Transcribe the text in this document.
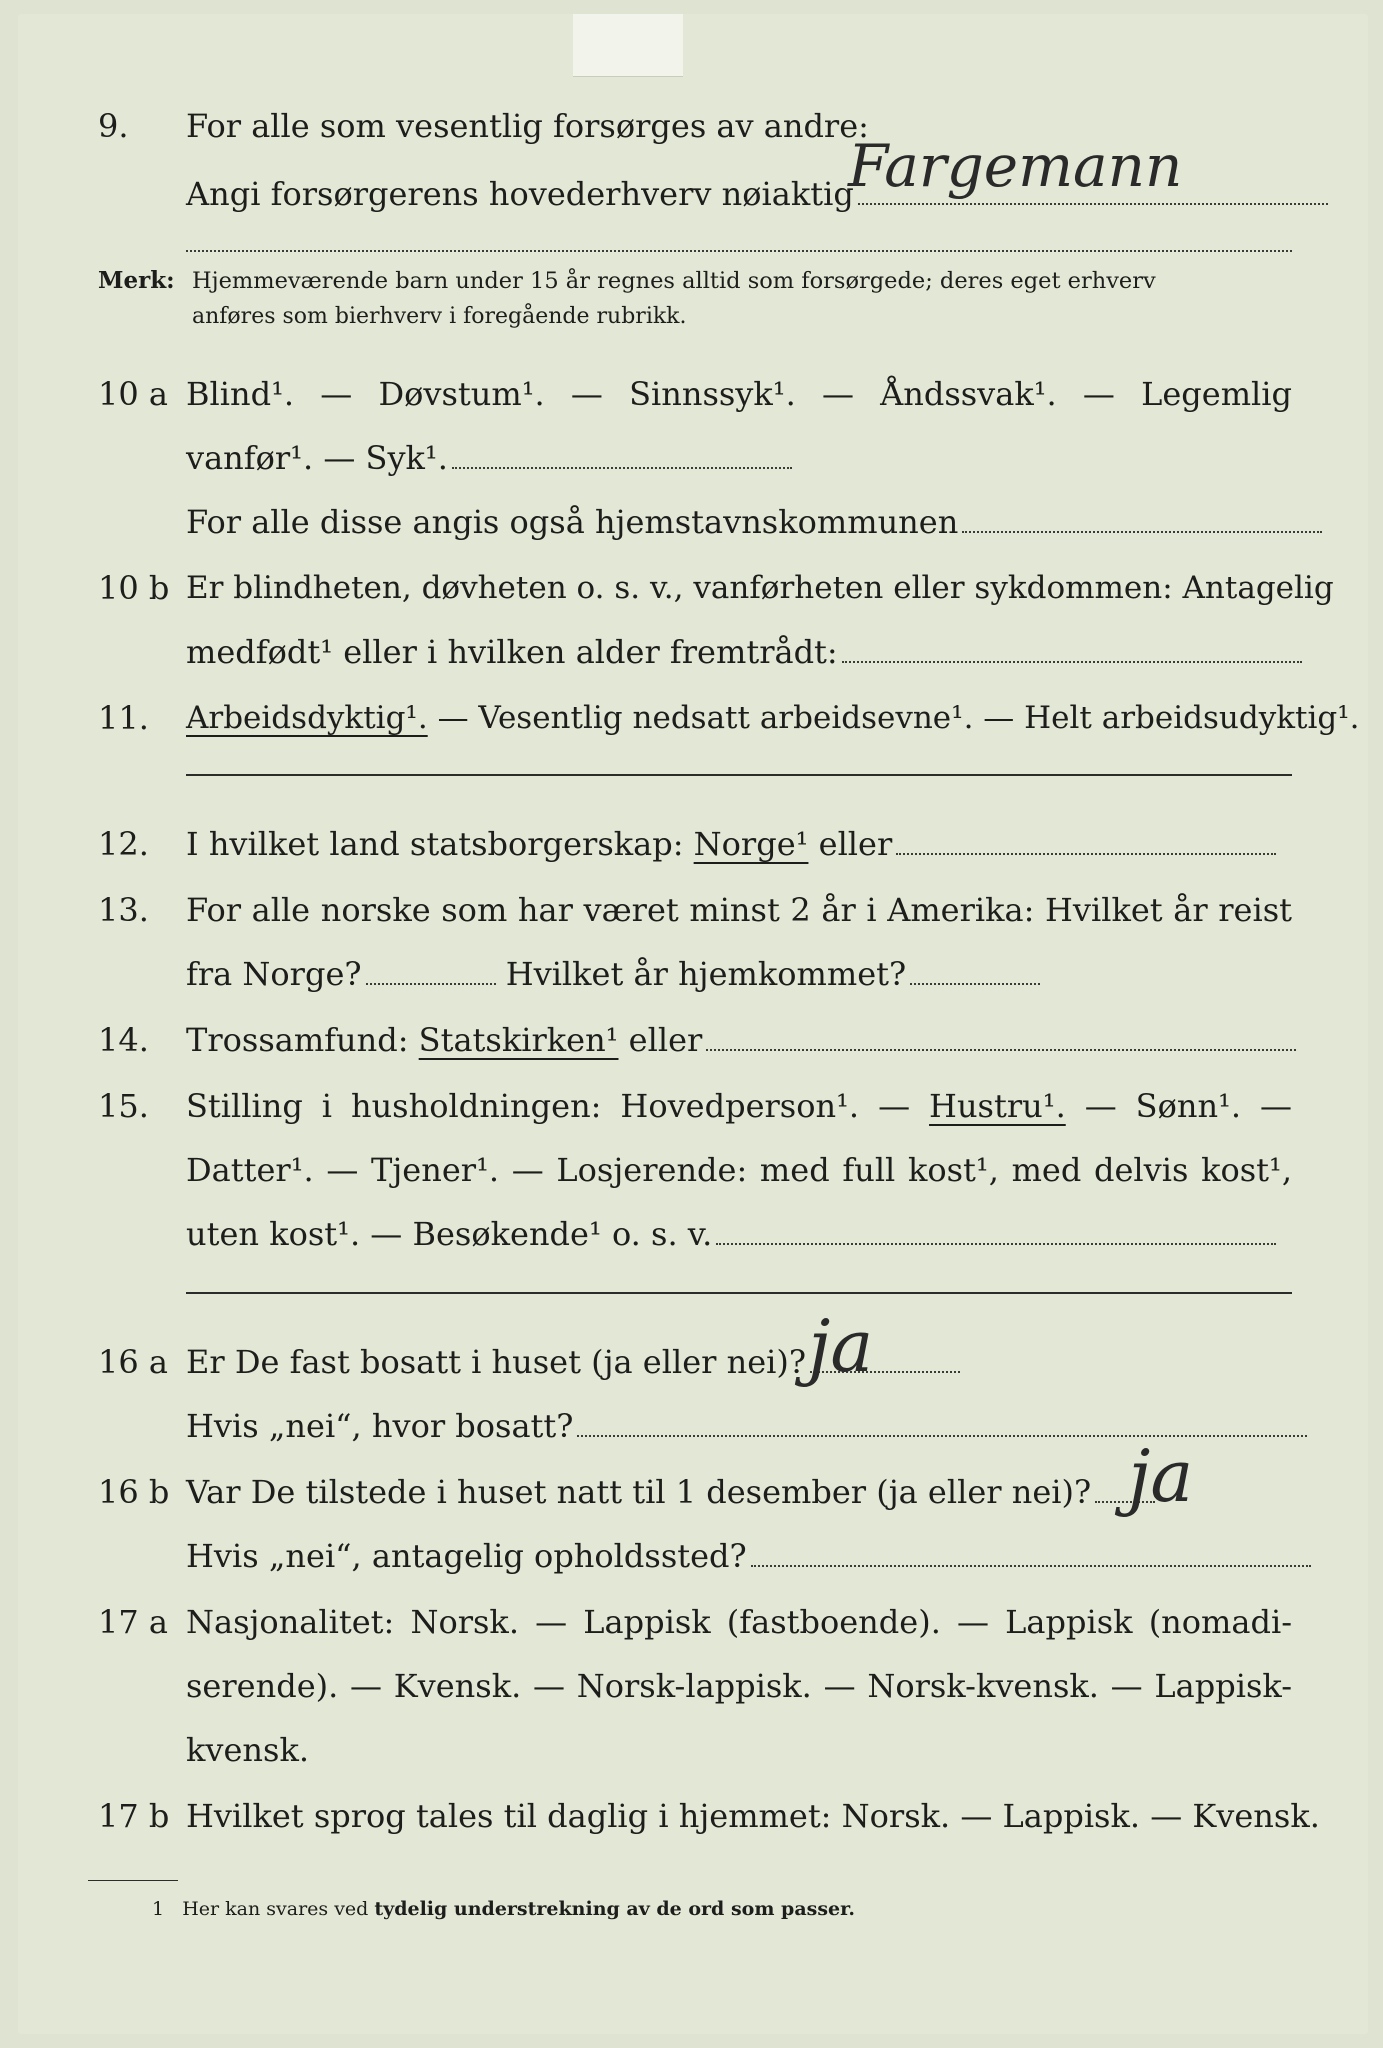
9.	For alle som vesentlig forsørges av andre:
Angi forsørgerens hovederhverv nøiaktig
Fargemann
Merk: Hjemmeværende barn under 15 år regnes alltid som forsørgede; deres eget erhverv
anføres som bierhverv i foregående rubrikk.
10 a Blind¹. — Døvstum¹. — Sinnssyk¹. — Åndssvak¹. — Legemlig
vanfør¹. — Syk¹.
For alle disse angis også hjemstavnskommunen
10 b Er blindheten, døvheten o. s. v., vanførheten eller sykdommen: Antagelig
medfødt¹ eller i hvilken alder fremtrådt:
11.	Arbeidsdyktig¹. — Vesentlig nedsatt arbeidsevne¹. — Helt arbeidsudyktig¹.
12.	I hvilket land statsborgerskap: Norge¹ eller
13.	For alle norske som har været minst 2 år i Amerika: Hvilket år reist
fra Norge?	Hvilket år hjemkommet?
14.	Trossamfund: Statskirken¹ eller
15.	Stilling i husholdningen: Hovedperson¹. — Hustru¹. — Sønn¹. —
Datter¹. — Tjener¹. — Losjerende: med full kost¹, med delvis kost¹,
uten kost¹. — Besøkende¹ o. s. v.
16 a Er De fast bosatt i huset (ja eller nei)? ja
Hvis „nei“, hvor bosatt?
16 b Var De tilstede i huset natt til 1 desember (ja eller nei)? ja
Hvis „nei“, antagelig opholdssted?
17 a Nasjonalitet: Norsk. — Lappisk (fastboende). — Lappisk (nomadi-
serende). — Kvensk. — Norsk-lappisk. — Norsk-kvensk. — Lappisk-
kvensk.
17 b Hvilket sprog tales til daglig i hjemmet: Norsk. — Lappisk. — Kvensk.
1 Her kan svares ved tydelig understrekning av de ord som passer.
